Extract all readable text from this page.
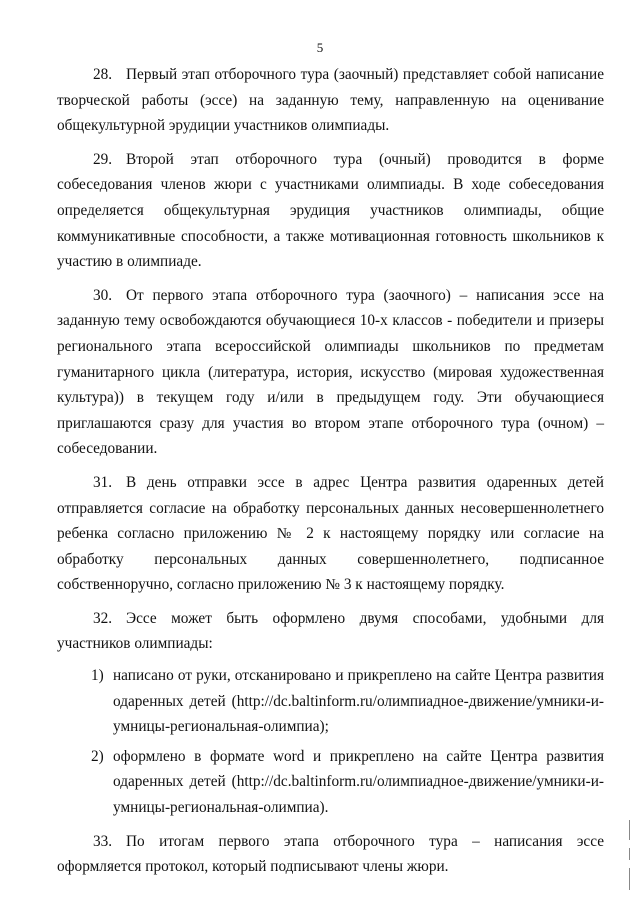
5

28. Первый этап отборочного тура (заочный) представляет собой написание творческой работы (эссе) на заданную тему, направленную на оценивание общекультурной эрудиции участников олимпиады.

29. Второй этап отборочного тура (очный) проводится в форме собеседования членов жюри с участниками олимпиады. В ходе собеседования определяется общекультурная эрудиция участников олимпиады, общие коммуникативные способности, а также мотивационная готовность школьников к участию в олимпиаде.

30. От первого этапа отборочного тура (заочного) – написания эссе на заданную тему освобождаются обучающиеся 10-х классов - победители и призеры регионального этапа всероссийской олимпиады школьников по предметам гуманитарного цикла (литература, история, искусство (мировая художественная культура)) в текущем году и/или в предыдущем году. Эти обучающиеся приглашаются сразу для участия во втором этапе отборочного тура (очном) – собеседовании.

31. В день отправки эссе в адрес Центра развития одаренных детей отправляется согласие на обработку персональных данных несовершеннолетнего ребенка согласно приложению № 2 к настоящему порядку или согласие на обработку персональных данных совершеннолетнего, подписанное собственноручно, согласно приложению № 3 к настоящему порядку.

32. Эссе может быть оформлено двумя способами, удобными для участников олимпиады:

1) написано от руки, отсканировано и прикреплено на сайте Центра развития одаренных детей (http://dc.baltinform.ru/олимпиадное-движение/умники-и-умницы-региональная-олимпиа);
2) оформлено в формате word и прикреплено на сайте Центра развития одаренных детей (http://dc.baltinform.ru/олимпиадное-движение/умники-и-умницы-региональная-олимпиа).

33. По итогам первого этапа отборочного тура – написания эссе оформляется протокол, который подписывают члены жюри.
